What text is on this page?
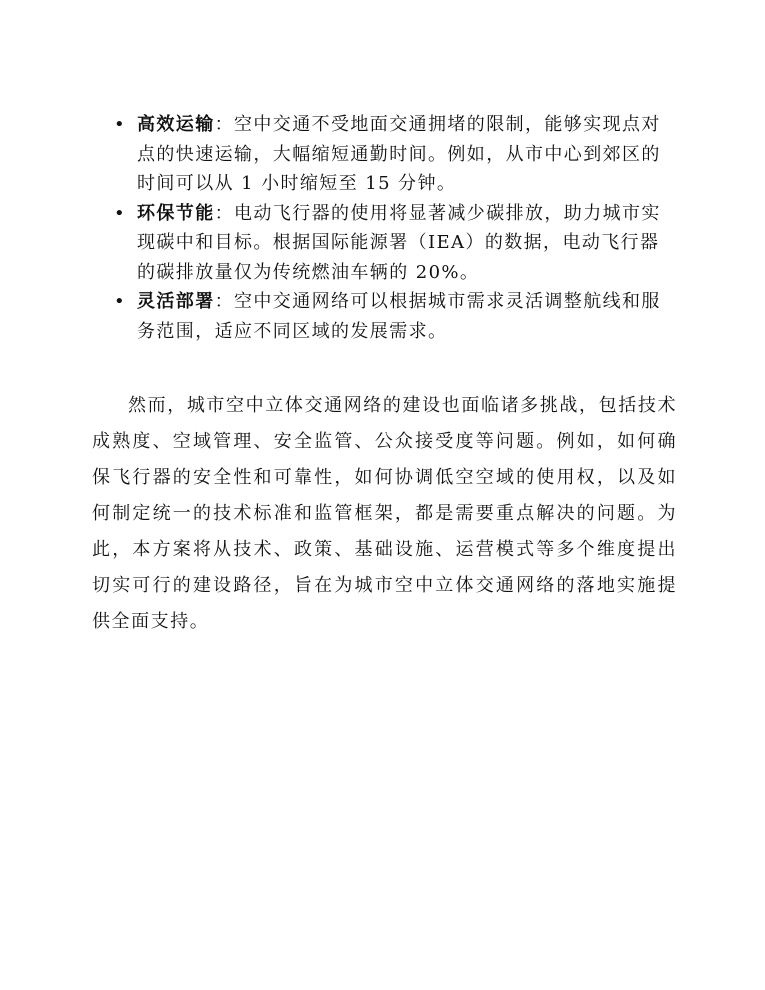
• 高效运输：空中交通不受地面交通拥堵的限制，能够实现点对点的快速运输，大幅缩短通勤时间。例如，从市中心到郊区的时间可以从 1 小时缩短至 15 分钟。
• 环保节能：电动飞行器的使用将显著减少碳排放，助力城市实现碳中和目标。根据国际能源署（IEA）的数据，电动飞行器的碳排放量仅为传统燃油车辆的 20%。
• 灵活部署：空中交通网络可以根据城市需求灵活调整航线和服务范围，适应不同区域的发展需求。

然而，城市空中立体交通网络的建设也面临诸多挑战，包括技术成熟度、空域管理、安全监管、公众接受度等问题。例如，如何确保飞行器的安全性和可靠性，如何协调低空空域的使用权，以及如何制定统一的技术标准和监管框架，都是需要重点解决的问题。为此，本方案将从技术、政策、基础设施、运营模式等多个维度提出切实可行的建设路径，旨在为城市空中立体交通网络的落地实施提供全面支持。
